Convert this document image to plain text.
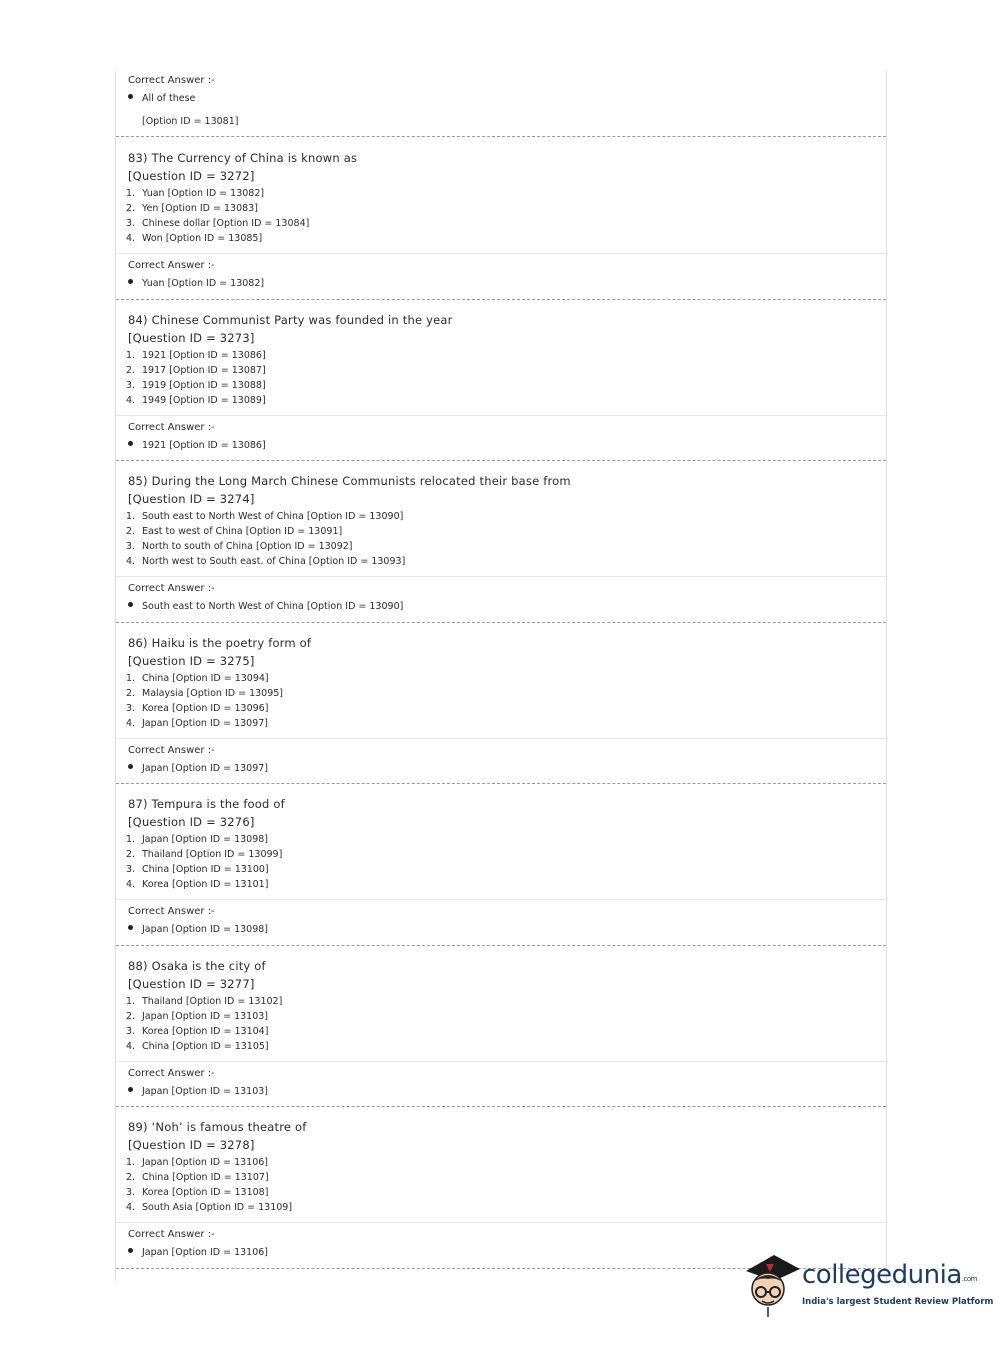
Correct Answer :-
All of these
[Option ID = 13081]
83) The Currency of China is known as
[Question ID = 3272]
1. Yuan [Option ID = 13082]
2. Yen [Option ID = 13083]
3. Chinese dollar [Option ID = 13084]
4. Won [Option ID = 13085]
Correct Answer :-
Yuan [Option ID = 13082]
84) Chinese Communist Party was founded in the year
[Question ID = 3273]
1. 1921 [Option ID = 13086]
2. 1917 [Option ID = 13087]
3. 1919 [Option ID = 13088]
4. 1949 [Option ID = 13089]
Correct Answer :-
1921 [Option ID = 13086]
85) During the Long March Chinese Communists relocated their base from
[Question ID = 3274]
1. South east to North West of China [Option ID = 13090]
2. East to west of China [Option ID = 13091]
3. North to south of China [Option ID = 13092]
4. North west to South east. of China [Option ID = 13093]
Correct Answer :-
South east to North West of China [Option ID = 13090]
86) Haiku is the poetry form of
[Question ID = 3275]
1. China [Option ID = 13094]
2. Malaysia [Option ID = 13095]
3. Korea [Option ID = 13096]
4. Japan [Option ID = 13097]
Correct Answer :-
Japan [Option ID = 13097]
87) Tempura is the food of
[Question ID = 3276]
1. Japan [Option ID = 13098]
2. Thailand [Option ID = 13099]
3. China [Option ID = 13100]
4. Korea [Option ID = 13101]
Correct Answer :-
Japan [Option ID = 13098]
88) Osaka is the city of
[Question ID = 3277]
1. Thailand [Option ID = 13102]
2. Japan [Option ID = 13103]
3. Korea [Option ID = 13104]
4. China [Option ID = 13105]
Correct Answer :-
Japan [Option ID = 13103]
89) ‘Noh’ is famous theatre of
[Question ID = 3278]
1. Japan [Option ID = 13106]
2. China [Option ID = 13107]
3. Korea [Option ID = 13108]
4. South Asia [Option ID = 13109]
Correct Answer :-
Japan [Option ID = 13106]
collegedunia.com
India's largest Student Review Platform
